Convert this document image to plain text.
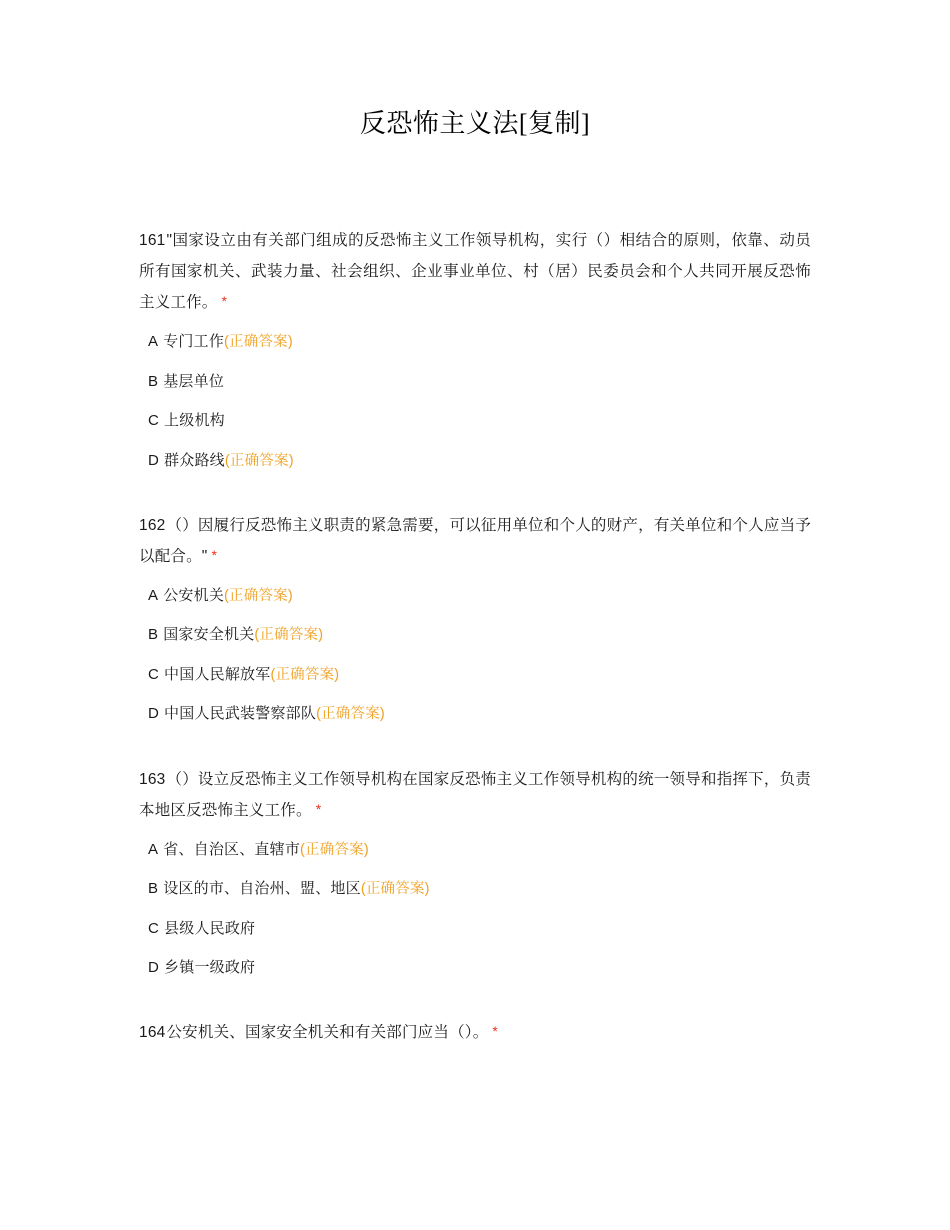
反恐怖主义法[复制]

161"国家设立由有关部门组成的反恐怖主义工作领导机构，实行（）相结合的原则，依靠、动员所有国家机关、武装力量、社会组织、企业事业单位、村（居）民委员会和个人共同开展反恐怖主义工作。 *

A 专门工作(正确答案)
B 基层单位
C 上级机构
D 群众路线(正确答案)

162（）因履行反恐怖主义职责的紧急需要，可以征用单位和个人的财产，有关单位和个人应当予以配合。" *

A 公安机关(正确答案)
B 国家安全机关(正确答案)
C 中国人民解放军(正确答案)
D 中国人民武装警察部队(正确答案)

163（）设立反恐怖主义工作领导机构在国家反恐怖主义工作领导机构的统一领导和指挥下，负责本地区反恐怖主义工作。 *

A 省、自治区、直辖市(正确答案)
B 设区的市、自治州、盟、地区(正确答案)
C 县级人民政府
D 乡镇一级政府

164公安机关、国家安全机关和有关部门应当（）。 *
